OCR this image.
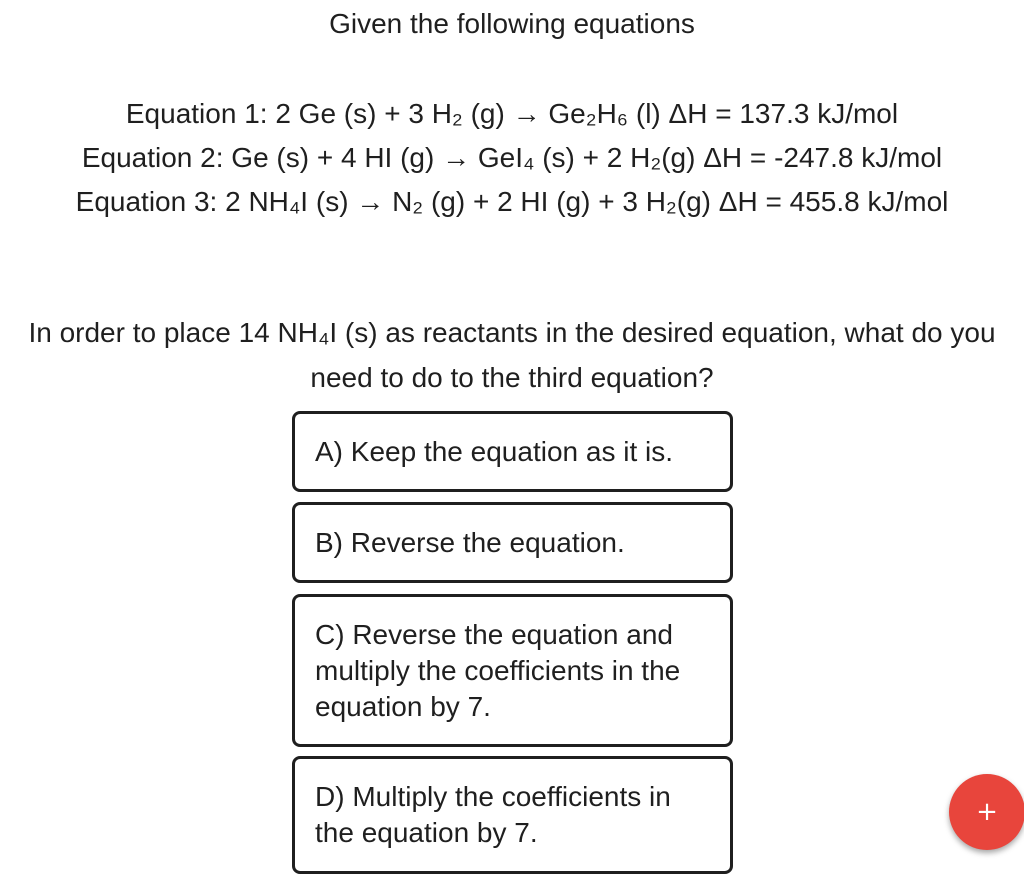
Given the following equations
Equation 1: 2 Ge (s) + 3 H₂ (g) → Ge₂H₆ (l) ΔH = 137.3 kJ/mol
Equation 2: Ge (s) + 4 HI (g) → GeI₄ (s) + 2 H₂(g) ΔH = -247.8 kJ/mol
Equation 3: 2 NH₄I (s) → N₂ (g) + 2 HI (g) + 3 H₂(g) ΔH = 455.8 kJ/mol
In order to place 14 NH₄I (s) as reactants in the desired equation, what do you need to do to the third equation?
A) Keep the equation as it is.
B) Reverse the equation.
C) Reverse the equation and multiply the coefficients in the equation by 7.
D) Multiply the coefficients in the equation by 7.
+
